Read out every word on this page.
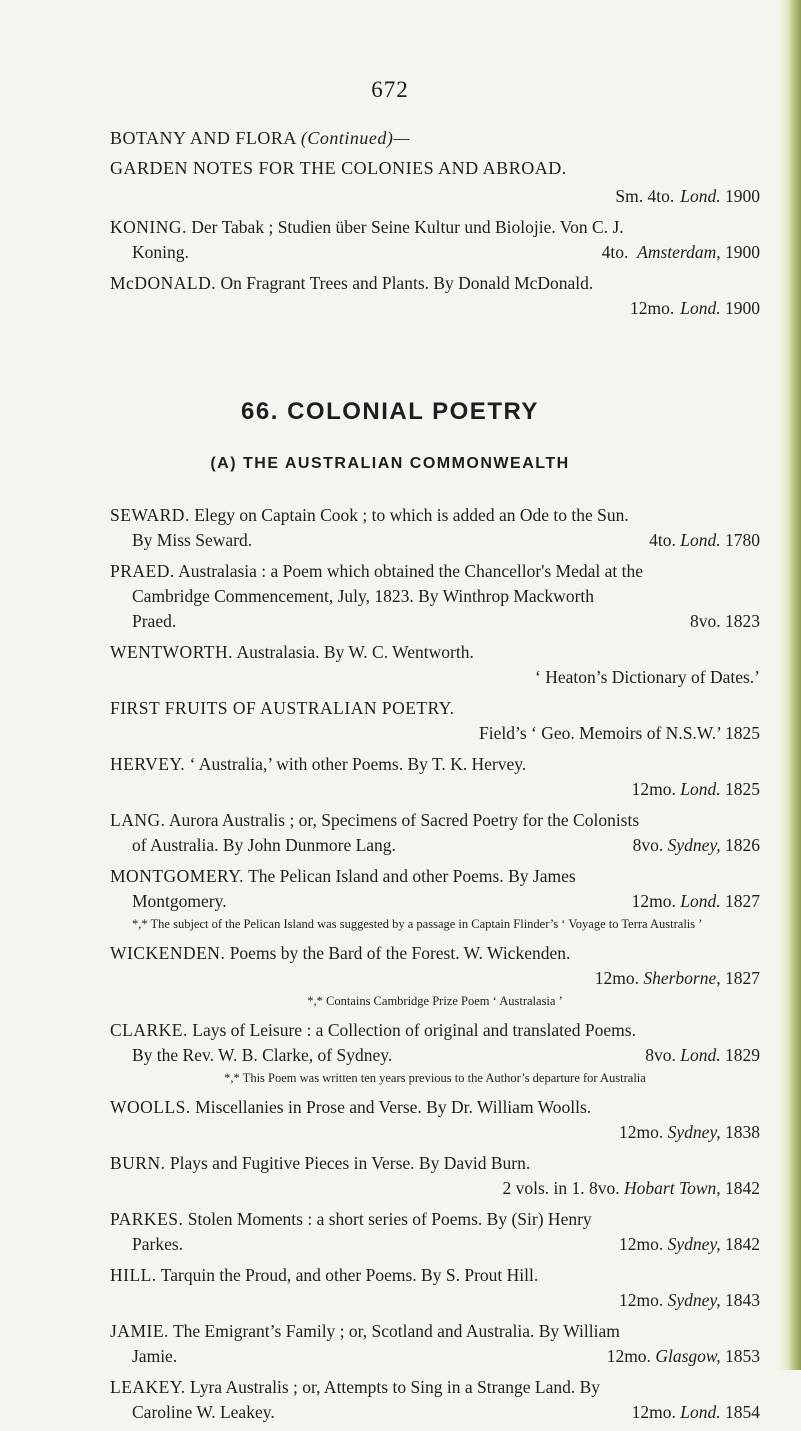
672
BOTANY AND FLORA (Continued)—
GARDEN NOTES FOR THE COLONIES AND ABROAD.
Sm. 4to. Lond.
1900
KONING. Der Tabak ; Studien über Seine Kultur und Biolojie. Von C. J.
Koning.	4to. Amsterdam, 1900
McDONALD. On Fragrant Trees and Plants. By Donald McDonald.
12mo. Lond.
1900
66. COLONIAL POETRY
(A) THE AUSTRALIAN COMMONWEALTH
SEWARD. Elegy on Captain Cook ; to which is added an Ode to the Sun.
By Miss Seward.	4to. Lond. 1780
PRAED. Australasia : a Poem which obtained the Chancellor's Medal at the
Cambridge Commencement, July, 1823. By Winthrop Mackworth
Praed.	8vo. 1823
WENTWORTH. Australasia. By W. C. Wentworth.
‘ Heaton’s Dictionary of Dates.’
FIRST FRUITS OF AUSTRALIAN POETRY.
Field’s ‘ Geo. Memoirs of N.S.W.’ 1825
HERVEY. ‘ Australia,’ with other Poems. By T. K. Hervey.
12mo. Lond. 1825
LANG. Aurora Australis ; or, Specimens of Sacred Poetry for the Colonists
of Australia. By John Dunmore Lang.	8vo. Sydney, 1826
MONTGOMERY. The Pelican Island and other Poems. By James
Montgomery.	12mo. Lond. 1827
*,* The subject of the Pelican Island was suggested by a passage in Captain Flinder’s ‘ Voyage to Terra Australis ’
WICKENDEN. Poems by the Bard of the Forest. W. Wickenden.
12mo. Sherborne, 1827
*,* Contains Cambridge Prize Poem ‘ Australasia ’
CLARKE. Lays of Leisure : a Collection of original and translated Poems.
By the Rev. W. B. Clarke, of Sydney.	8vo. Lond. 1829
*,* This Poem was written ten years previous to the Author’s departure for Australia
WOOLLS. Miscellanies in Prose and Verse. By Dr. William Woolls.
12mo. Sydney, 1838
BURN. Plays and Fugitive Pieces in Verse. By David Burn.
2 vols. in 1. 8vo. Hobart Town, 1842
PARKES. Stolen Moments : a short series of Poems. By (Sir) Henry
Parkes.	12mo. Sydney, 1842
HILL. Tarquin the Proud, and other Poems. By S. Prout Hill.
12mo. Sydney, 1843
JAMIE. The Emigrant’s Family ; or, Scotland and Australia. By William
Jamie.	12mo. Glasgow, 1853
LEAKEY. Lyra Australis ; or, Attempts to Sing in a Strange Land. By
Caroline W. Leakey.	12mo. Lond. 1854
